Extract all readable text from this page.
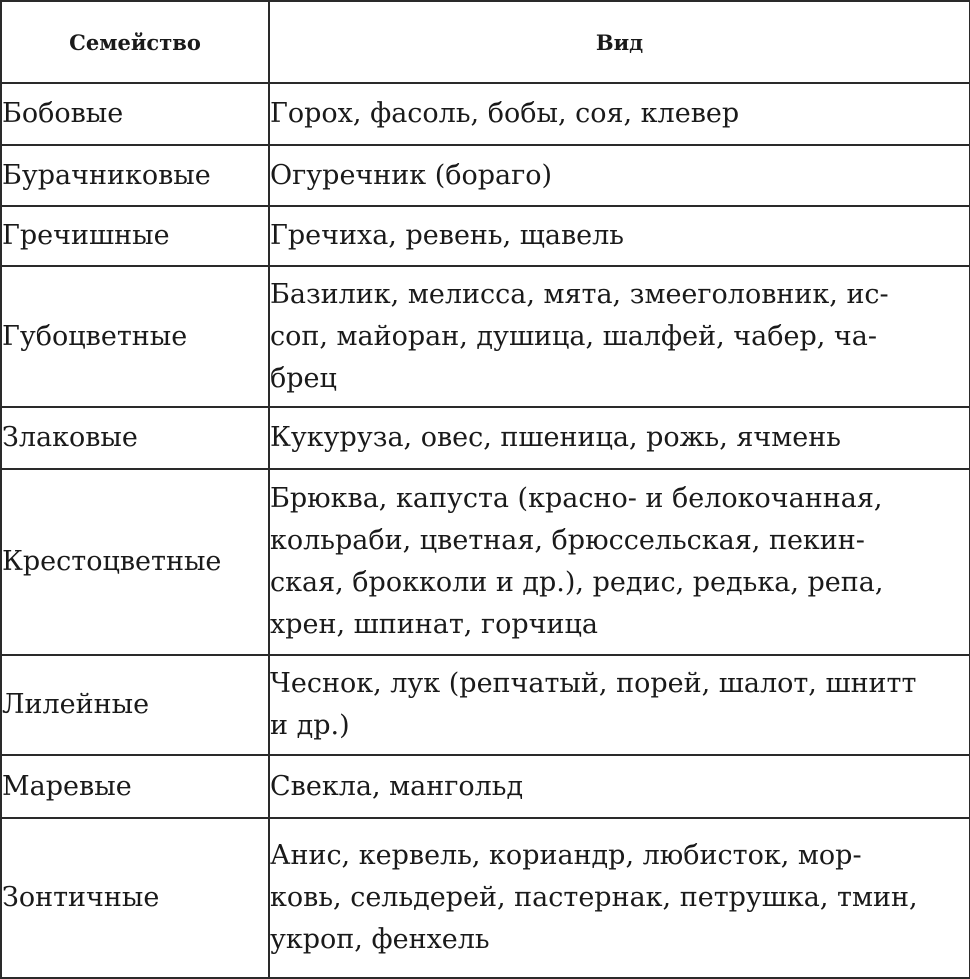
Семейство	Вид
Бобовые	Горох, фасоль, бобы, соя, клевер

Бурачниковые	Огуречник (бораго)

Гречишные	Гречиха, ревень, щавель

Губоцветные	Базилик, мелисса, мята, змееголовник, ис-
соп, майоран, душица, шалфей, чабер, ча-
брец

Злаковые	Кукуруза, овес, пшеница, рожь, ячмень

Крестоцветные	Брюква, капуста (красно- и белокочанная,
кольраби, цветная, брюссельская, пекин-
ская, брокколи и др.), редис, редька, репа,
хрен, шпинат, горчица

Лилейные	Чеснок, лук (репчатый, порей, шалот, шнитт
и др.)

Маревые	Свекла, мангольд

Зонтичные	Анис, кервель, кориандр, любисток, мор-
ковь, сельдерей, пастернак, петрушка, тмин,
укроп, фенхель
